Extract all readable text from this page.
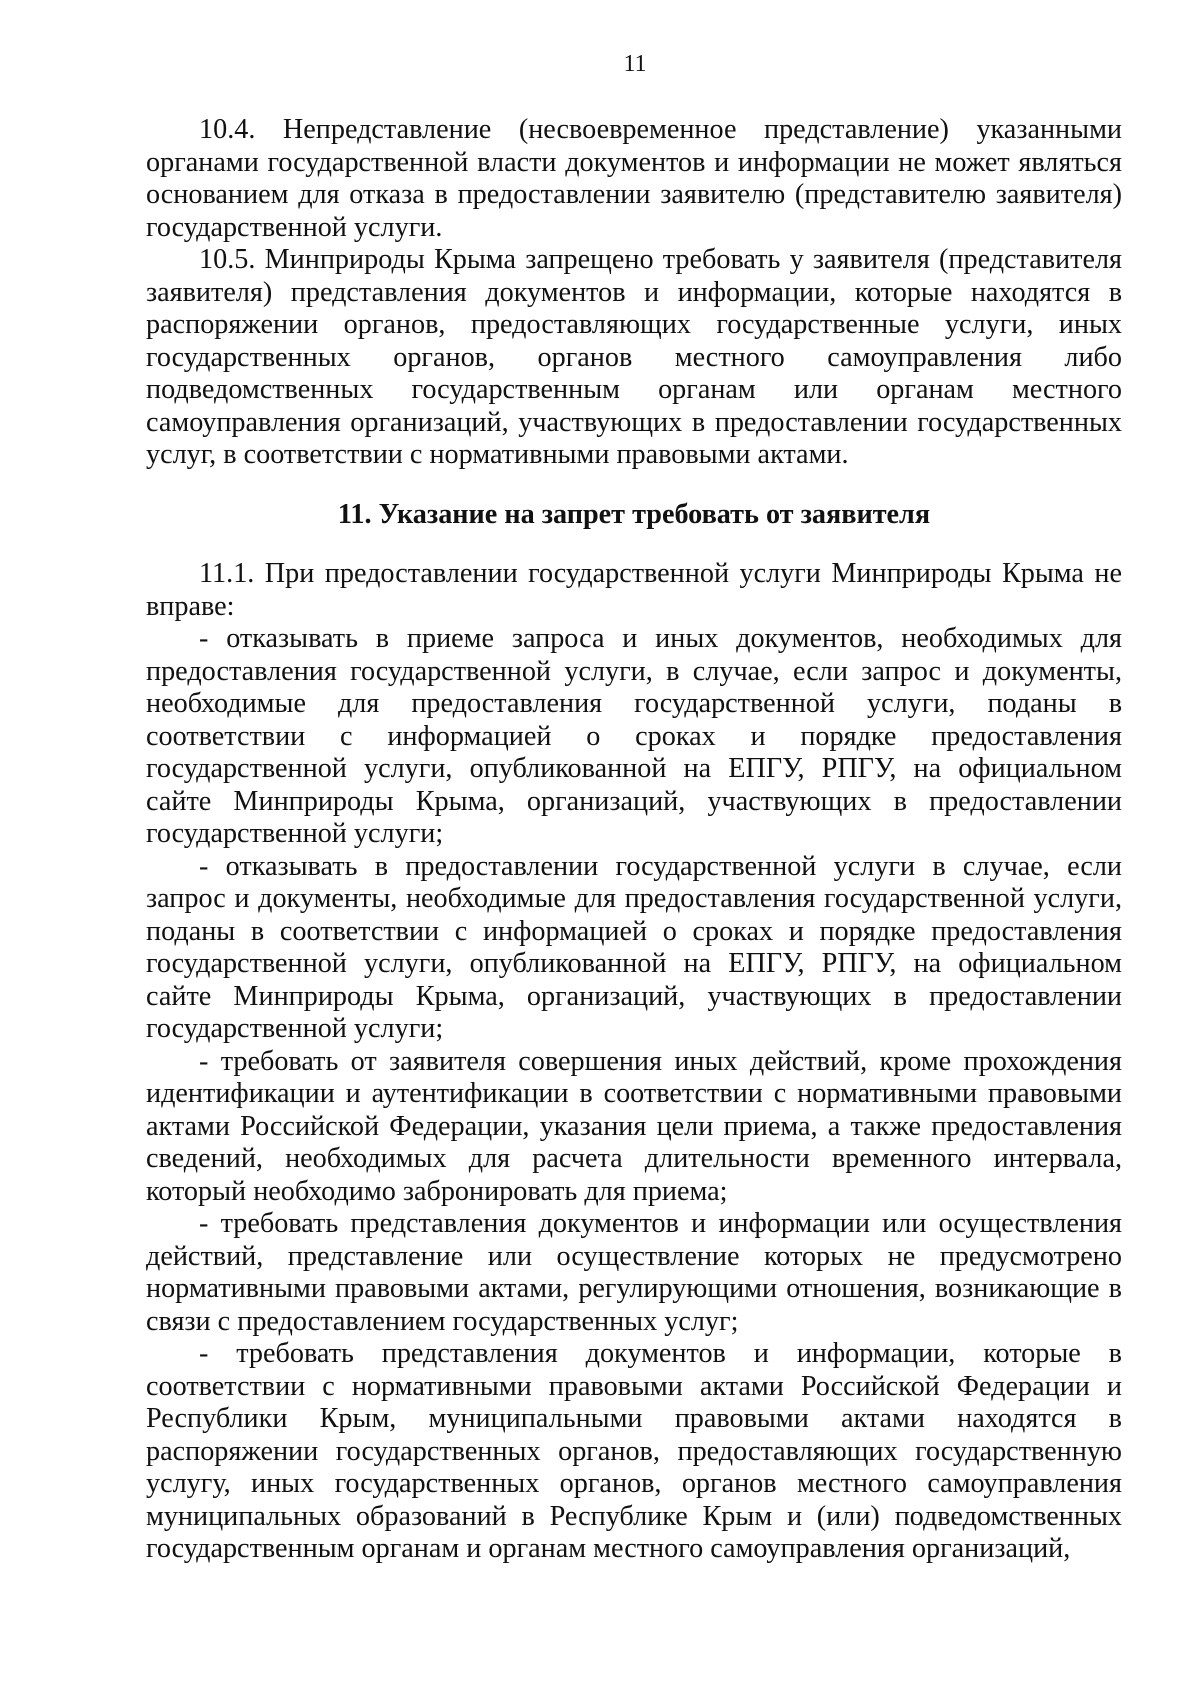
11

10.4. Непредставление (несвоевременное представление) указанными органами государственной власти документов и информации не может являться основанием для отказа в предоставлении заявителю (представителю заявителя) государственной услуги.

10.5. Минприроды Крыма запрещено требовать у заявителя (представителя заявителя) представления документов и информации, которые находятся в распоряжении органов, предоставляющих государственные услуги, иных государственных органов, органов местного самоуправления либо подведомственных государственным органам или органам местного самоуправления организаций, участвующих в предоставлении государственных услуг, в соответствии с нормативными правовыми актами.

11. Указание на запрет требовать от заявителя

11.1. При предоставлении государственной услуги Минприроды Крыма не вправе:

- отказывать в приеме запроса и иных документов, необходимых для предоставления государственной услуги, в случае, если запрос и документы, необходимые для предоставления государственной услуги, поданы в соответствии с информацией о сроках и порядке предоставления государственной услуги, опубликованной на ЕПГУ, РПГУ, на официальном сайте Минприроды Крыма, организаций, участвующих в предоставлении государственной услуги;

- отказывать в предоставлении государственной услуги в случае, если запрос и документы, необходимые для предоставления государственной услуги, поданы в соответствии с информацией о сроках и порядке предоставления государственной услуги, опубликованной на ЕПГУ, РПГУ, на официальном сайте Минприроды Крыма, организаций, участвующих в предоставлении государственной услуги;

- требовать от заявителя совершения иных действий, кроме прохождения идентификации и аутентификации в соответствии с нормативными правовыми актами Российской Федерации, указания цели приема, а также предоставления сведений, необходимых для расчета длительности временного интервала, который необходимо забронировать для приема;

- требовать представления документов и информации или осуществления действий, представление или осуществление которых не предусмотрено нормативными правовыми актами, регулирующими отношения, возникающие в связи с предоставлением государственных услуг;

- требовать представления документов и информации, которые в соответствии с нормативными правовыми актами Российской Федерации и Республики Крым, муниципальными правовыми актами находятся в распоряжении государственных органов, предоставляющих государственную услугу, иных государственных органов, органов местного самоуправления муниципальных образований в Республике Крым и (или) подведомственных государственным органам и органам местного самоуправления организаций,
